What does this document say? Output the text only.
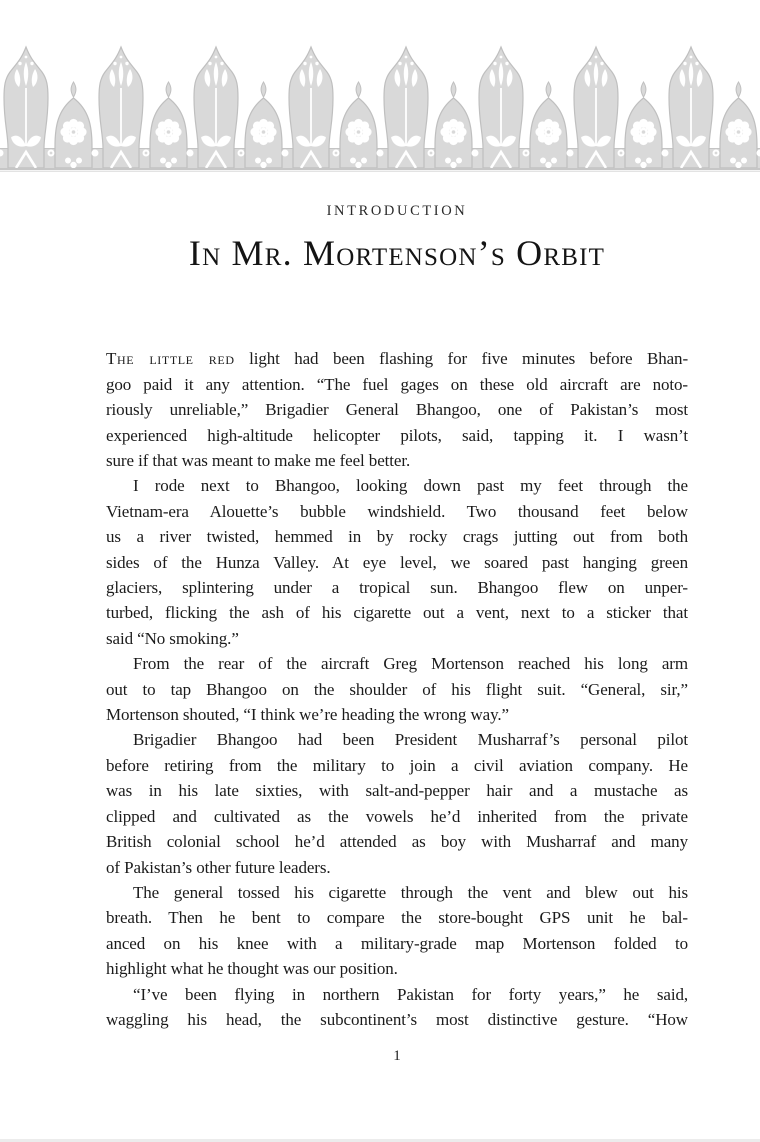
INTRODUCTION
In Mr. Mortenson’s Orbit
The little red light had been flashing for five minutes before Bhan-
goo paid it any attention. “The fuel gages on these old aircraft are noto-
riously unreliable,” Brigadier General Bhangoo, one of Pakistan’s most
experienced high-altitude helicopter pilots, said, tapping it. I wasn’t
sure if that was meant to make me feel better.
I rode next to Bhangoo, looking down past my feet through the
Vietnam-era Alouette’s bubble windshield. Two thousand feet below
us a river twisted, hemmed in by rocky crags jutting out from both
sides of the Hunza Valley. At eye level, we soared past hanging green
glaciers, splintering under a tropical sun. Bhangoo flew on unper-
turbed, flicking the ash of his cigarette out a vent, next to a sticker that
said “No smoking.”
From the rear of the aircraft Greg Mortenson reached his long arm
out to tap Bhangoo on the shoulder of his flight suit. “General, sir,”
Mortenson shouted, “I think we’re heading the wrong way.”
Brigadier Bhangoo had been President Musharraf’s personal pilot
before retiring from the military to join a civil aviation company. He
was in his late sixties, with salt-and-pepper hair and a mustache as
clipped and cultivated as the vowels he’d inherited from the private
British colonial school he’d attended as boy with Musharraf and many
of Pakistan’s other future leaders.
The general tossed his cigarette through the vent and blew out his
breath. Then he bent to compare the store-bought GPS unit he bal-
anced on his knee with a military-grade map Mortenson folded to
highlight what he thought was our position.
“I’ve been flying in northern Pakistan for forty years,” he said,
waggling his head, the subcontinent’s most distinctive gesture. “How
1
